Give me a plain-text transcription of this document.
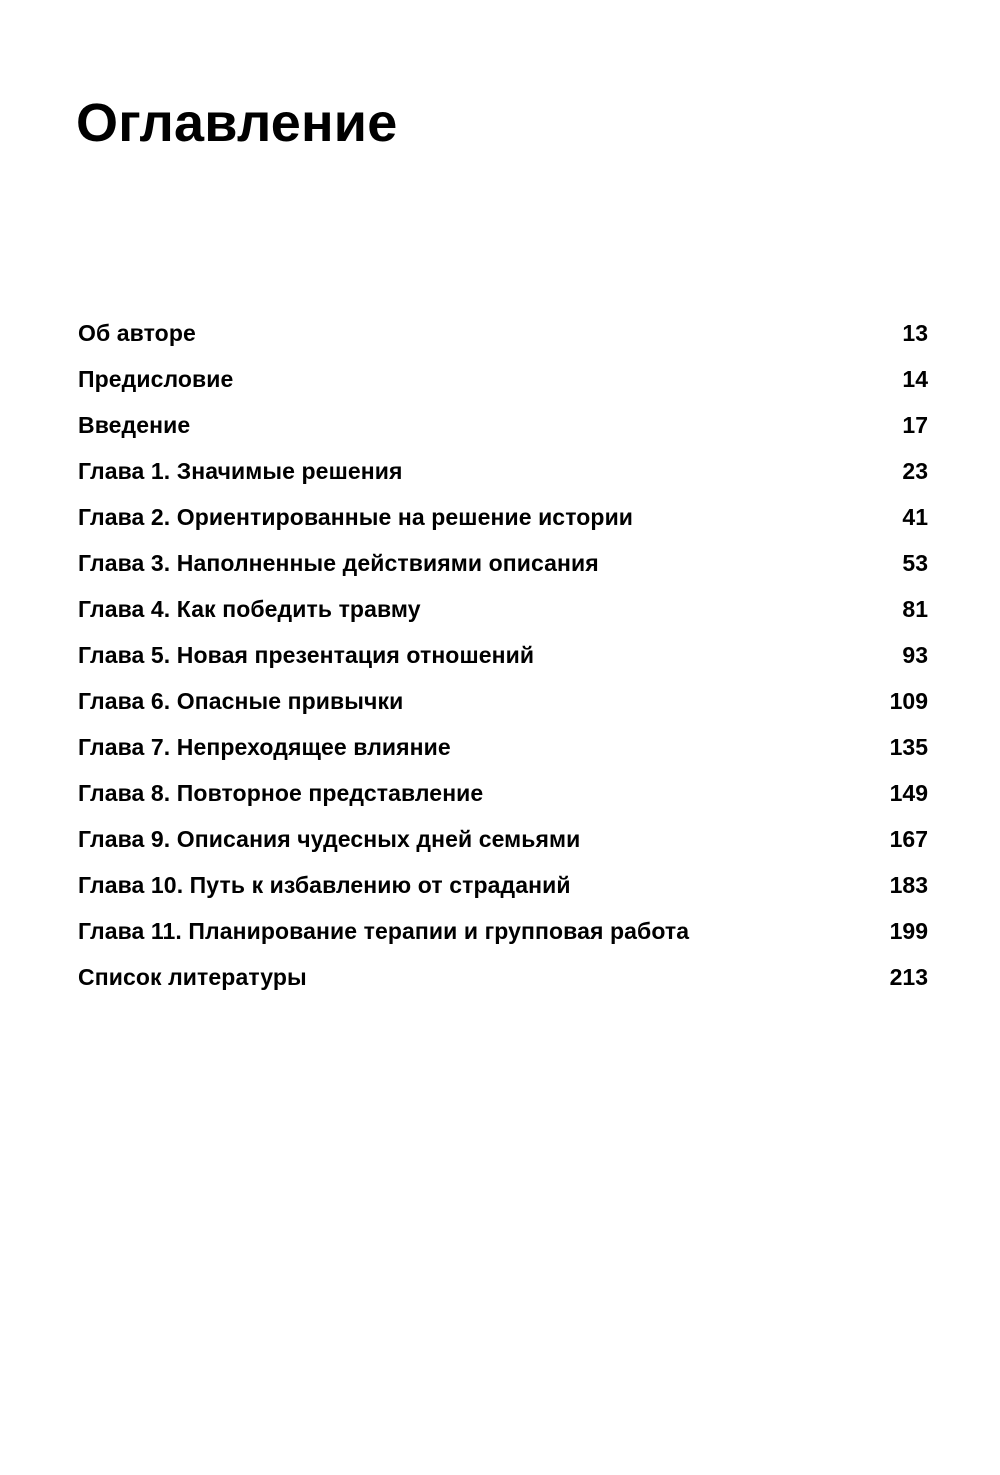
Оглавление
Об авторе	13
Предисловие	14
Введение	17
Глава 1. Значимые решения	23
Глава 2. Ориентированные на решение истории	41
Глава 3. Наполненные действиями описания	53
Глава 4. Как победить травму	81
Глава 5. Новая презентация отношений	93
Глава 6. Опасные привычки	109
Глава 7. Непреходящее влияние	135
Глава 8. Повторное представление	149
Глава 9. Описания чудесных дней семьями	167
Глава 10. Путь к избавлению от страданий	183
Глава 11. Планирование терапии и групповая работа	199
Список литературы	213
